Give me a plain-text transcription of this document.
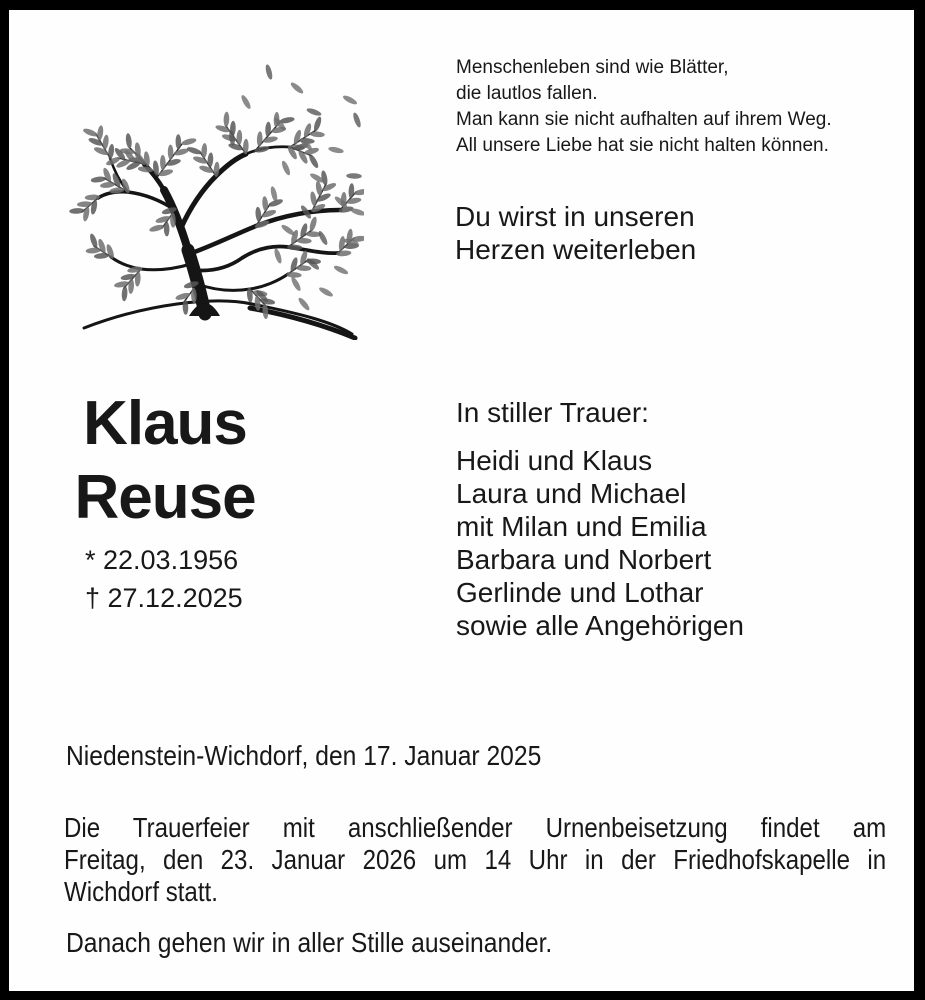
Menschenleben sind wie Blätter,
die lautlos fallen.
Man kann sie nicht aufhalten auf ihrem Weg.
All unsere Liebe hat sie nicht halten können.
Du wirst in unseren
Herzen weiterleben
Klaus
Reuse
* 22.03.1956
† 27.12.2025
In stiller Trauer:
Heidi und Klaus
Laura und Michael
mit Milan und Emilia
Barbara und Norbert
Gerlinde und Lothar
sowie alle Angehörigen
Niedenstein-Wichdorf, den 17. Januar 2025
Die Trauerfeier mit anschließender Urnenbeisetzung findet am
Freitag, den 23. Januar 2026 um 14 Uhr in der Friedhofskapelle in
Wichdorf statt.
Danach gehen wir in aller Stille auseinander.
